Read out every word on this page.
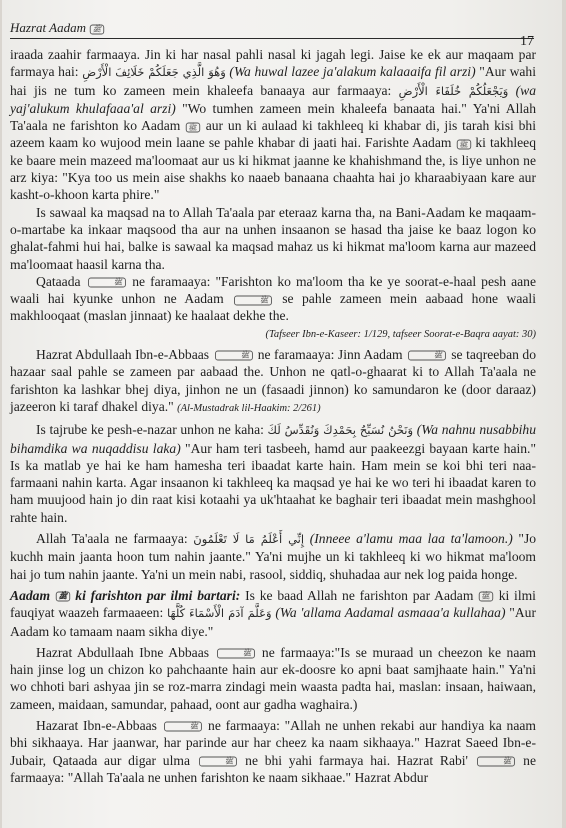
Hazrat Aadam ﷺ
17

iraada zaahir farmaaya. Jin ki har nasal pahli nasal ki jagah legi. Jaise ke ek aur maqaam par farmaya hai: وَهُوَ الَّذِي جَعَلَكُمْ خَلَائِفَ الْأَرْضِ (Wa huwal lazee ja'alakum kalaaaifa fil arzi) "Aur wahi hai jis ne tum ko zameen mein khaleefa banaaya aur farmaaya: وَيَجْعَلُكُمْ خُلَفَاءَ الْأَرْضِ (wa yaj'alukum khulafaaa'al arzi) "Wo tumhen zameen mein khaleefa banaata hai." Ya'ni Allah Ta'aala ne farishton ko Aadam ﷺ aur un ki aulaad ki takhleeq ki khabar di, jis tarah kisi bhi azeem kaam ko wujood mein laane se pahle khabar di jaati hai. Farishte Aadam ﷺ ki takhleeq ke baare mein mazeed ma'loomaat aur us ki hikmat jaanne ke khahishmand the, is liye unhon ne arz kiya: "Kya too us mein aise shakhs ko naaeb banaana chaahta hai jo kharaabiyaan kare aur kasht-o-khoon karta phire."

Is sawaal ka maqsad na to Allah Ta'aala par eteraaz karna tha, na Bani-Aadam ke maqaam-o-martabe ka inkaar maqsood tha aur na unhen insaanon se hasad tha jaise ke baaz logon ko ghalat-fahmi hui hai, balke is sawaal ka maqsad mahaz us ki hikmat ma'loom karna aur mazeed ma'loomaat haasil karna tha.

Qataada	ﷺ ne faramaaya: "Farishton ko ma'loom tha ke ye soorat-e-haal pesh aane waali hai kyunke unhon ne Aadam	ﷺ se pahle zameen mein aabaad hone waali makhlooqaat (maslan jinnaat) ke haalaat dekhe the.

(Tafseer Ibn-e-Kaseer: 1/129, tafseer Soorat-e-Baqra aayat: 30)

Hazrat Abdullaah Ibn-e-Abbaas	ﷺ ne faramaaya: Jinn Aadam	ﷺ se taqreeban do hazaar saal pahle se zameen par aabaad the. Unhon ne qatl-o-ghaarat ki to Allah Ta'aala ne farishton ka lashkar bhej diya, jinhon ne un (fasaadi jinnon) ko samundaron ke (door daraaz) jazeeron ki taraf dhakel diya." (Al-Mustadrak lil-Haakim: 2/261)

Is tajrube ke pesh-e-nazar unhon ne kaha: وَنَحْنُ نُسَبِّحُ بِحَمْدِكَ وَنُقَدِّسُ لَكَ (Wa nahnu nusabbihu bihamdika wa nuqaddisu laka) "Aur ham teri tasbeeh, hamd aur paakeezgi bayaan karte hain." Is ka matlab ye hai ke ham hamesha teri ibaadat karte hain. Ham mein se koi bhi teri naa-farmaani nahin karta. Agar insaanon ki takhleeq ka maqsad ye hai ke wo teri hi ibaadat karen to ham muujood hain jo din raat kisi kotaahi ya uk'htaahat ke baghair teri ibaadat mein mashghool rahte hain.

Allah Ta'aala ne farmaaya: إِنِّي أَعْلَمُ مَا لَا تَعْلَمُونَ (Inneee a'lamu maa laa ta'lamoon.) "Jo kuchh main jaanta hoon tum nahin jaante." Ya'ni mujhe un ki takhleeq ki wo hikmat ma'loom hai jo tum nahin jaante. Ya'ni un mein nabi, rasool, siddiq, shuhadaa aur nek log paida honge.

Aadam ﷺ ki farishton par ilmi bartari: Is ke baad Allah ne farishton par Aadam ﷺ ki ilmi fauqiyat waazeh farmaaeen: وَعَلَّمَ آدَمَ الْأَسْمَاءَ كُلَّهَا (Wa 'allama Aadamal asmaaa'a kullahaa) "Aur Aadam ko tamaam naam sikha diye."

Hazrat Abdullaah Ibne Abbaas	ﷺ ne farmaaya:"Is se muraad un cheezon ke naam hain jinse log un chizon ko pahchaante hain aur ek-doosre ko apni baat samjhaate hain." Ya'ni wo chhoti bari ashyaa jin se roz-marra zindagi mein waasta padta hai, maslan: insaan, haiwaan, zameen, maidaan, samundar, pahaad, oont aur gadha waghaira.)

Hazarat Ibn-e-Abbaas	ﷺ ne farmaaya: "Allah ne unhen rekabi aur handiya ka naam bhi sikhaaya. Har jaanwar, har parinde aur har cheez ka naam sikhaaya." Hazrat Saeed Ibn-e-Jubair, Qataada aur digar ulma	ﷺ ne bhi yahi farmaya hai. Hazrat Rabi'	ﷺ ne farmaaya: "Allah Ta'aala ne unhen farishton ke naam sikhaae." Hazrat Abdur
